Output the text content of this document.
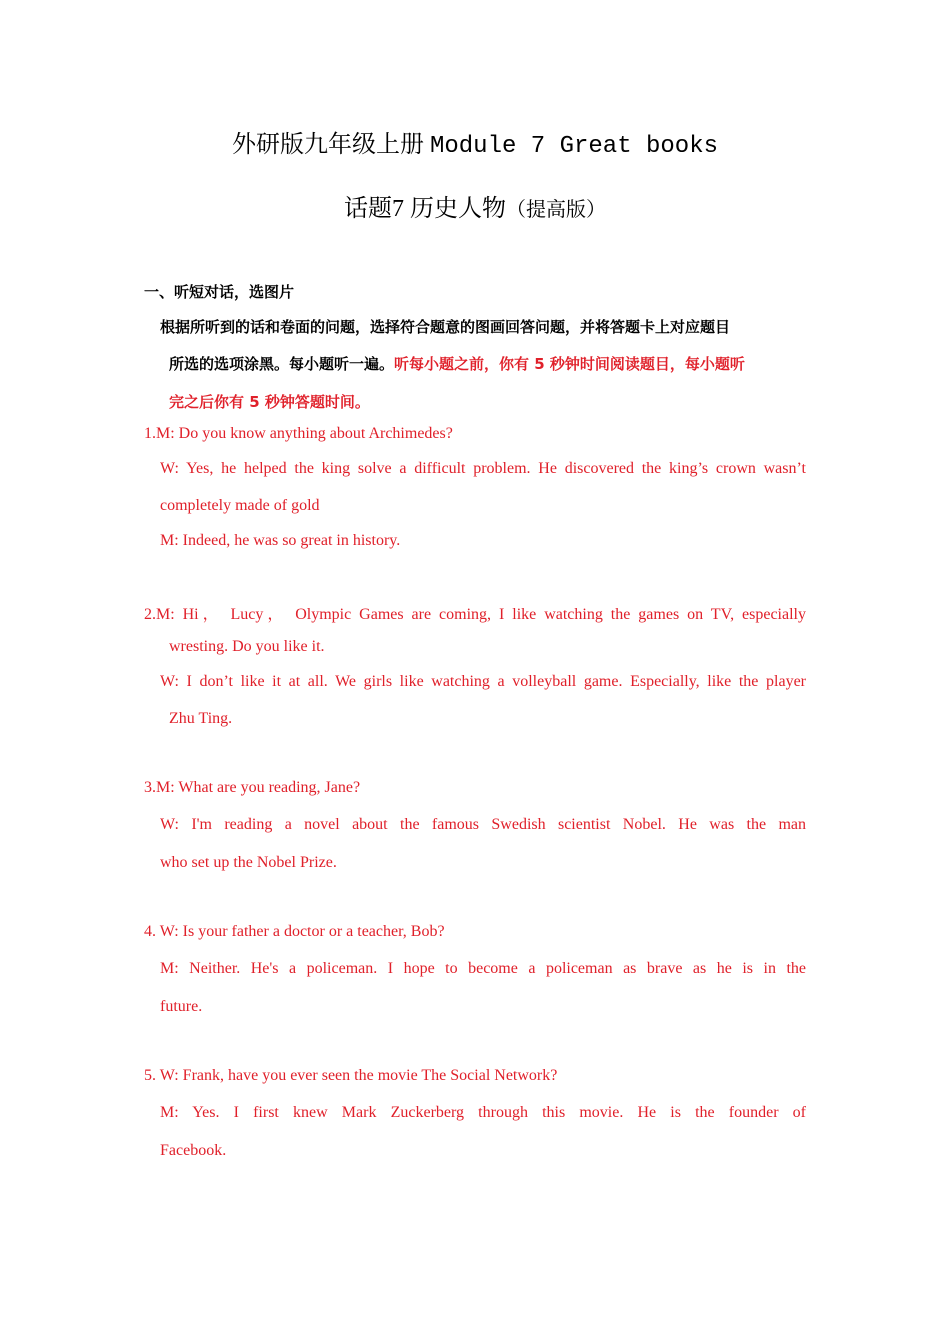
外研版九年级上册 Module 7 Great books
话题7 历史人物（提高版）
一、听短对话，选图片
根据所听到的话和卷面的问题，选择符合题意的图画回答问题，并将答题卡上对应题目
所选的选项涂黑。每小题听一遍。听每小题之前，你有 5 秒钟时间阅读题目，每小题听
完之后你有 5 秒钟答题时间。
1.M: Do you know anything about Archimedes?
W: Yes, he helped the king solve a difficult problem. He discovered the king’s crown wasn’t
completely made of gold
M: Indeed, he was so great in history.
2.M: Hi， Lucy， Olympic Games are coming, I like watching the games on TV, especially
wresting. Do you like it.
W: I don’t like it at all. We girls like watching a volleyball game. Especially, like the player
Zhu Ting.
3.M: What are you reading, Jane?
W: I'm reading a novel about the famous Swedish scientist Nobel. He was the man
who set up the Nobel Prize.
4. W: Is your father a doctor or a teacher, Bob?
M: Neither. He's a policeman. I hope to become a policeman as brave as he is in the
future.
5. W: Frank, have you ever seen the movie The Social Network?
M: Yes. I first knew Mark Zuckerberg through this movie. He is the founder of
Facebook.
